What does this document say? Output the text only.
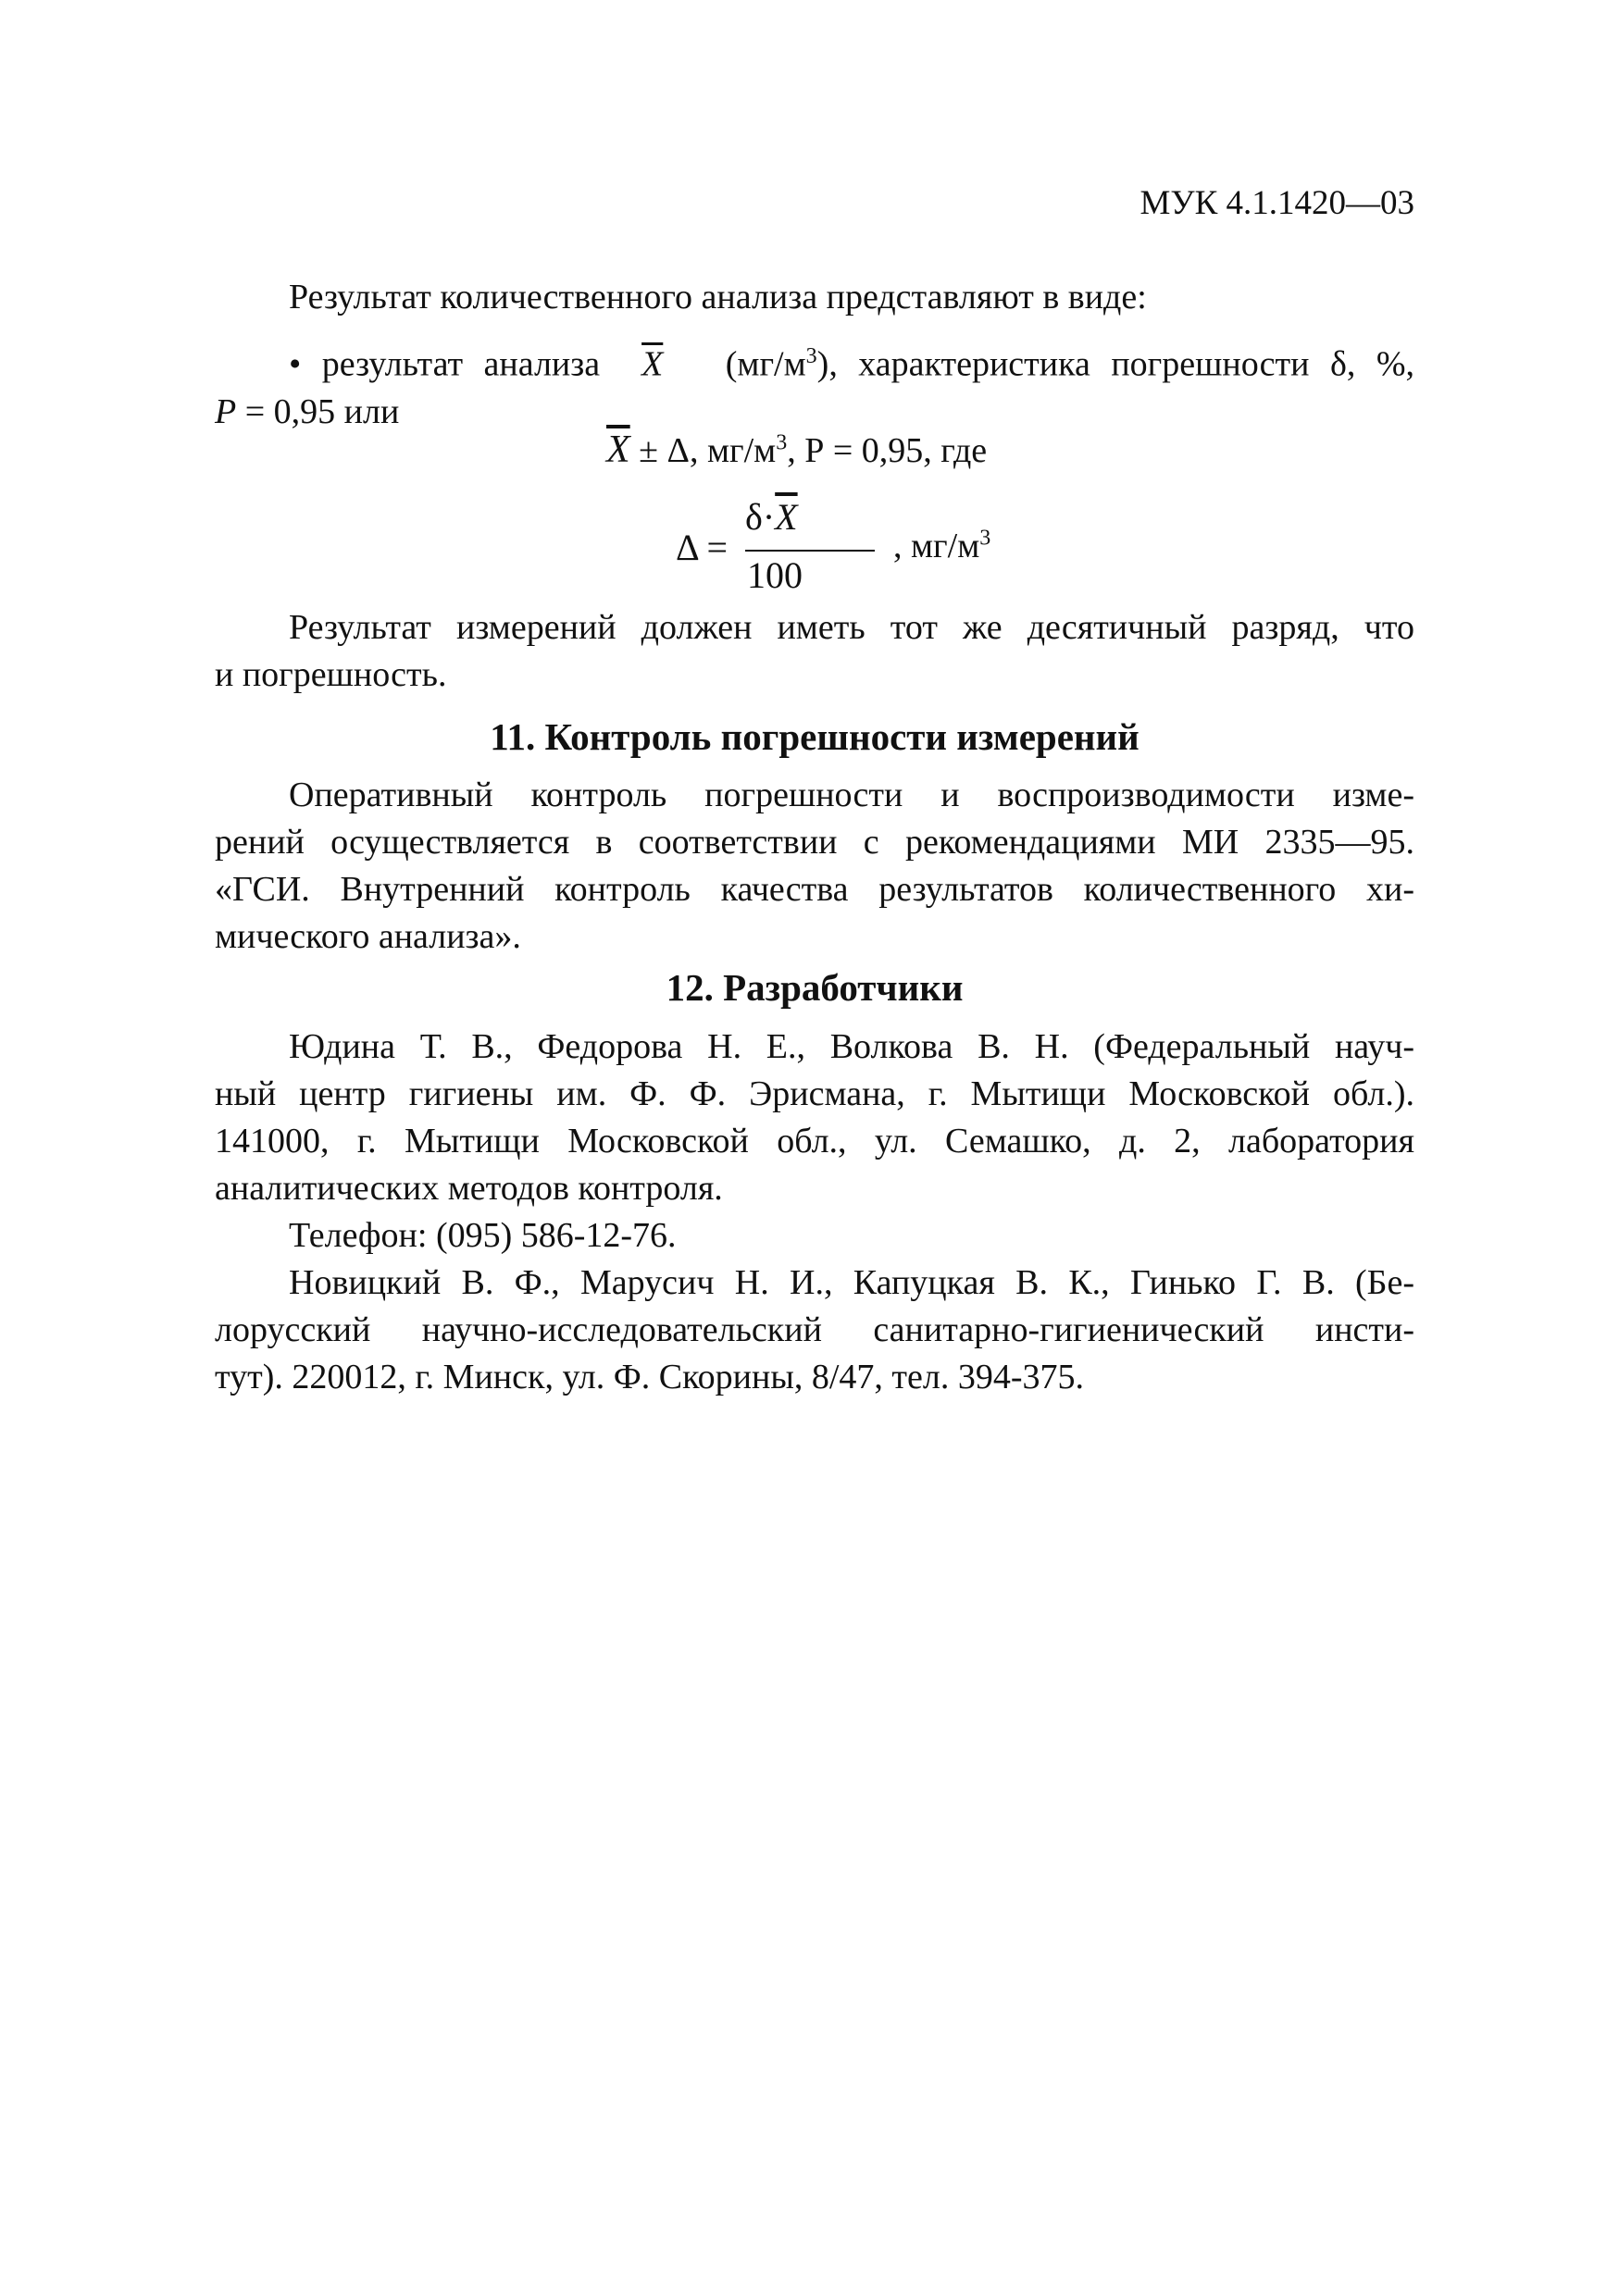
МУК 4.1.1420—03
Результат количественного анализа представляют в виде:
• результат анализа $\overline{X}$ $(мг/м^3)$, характеристика погрешности δ, %,
P = 0,95 или
$\overline{X} \pm \Delta$, $мг/м^3$, Р = 0,95, где
Δ =
$\delta\cdot\overline{X}$
100
, $мг/м^3$
Результат измерений должен иметь тот же десятичный разряд, что
и погрешность.
11. Контроль погрешности измерений
Оперативный контроль погрешности и воспроизводимости изме-
рений осуществляется в соответствии с рекомендациями МИ 2335—95.
«ГСИ. Внутренний контроль качества результатов количественного хи-
мического анализа».
12. Разработчики
Юдина Т. В., Федорова Н. Е., Волкова В. Н. (Федеральный науч-
ный центр гигиены им. Ф. Ф. Эрисмана, г. Мытищи Московской обл.).
141000, г. Мытищи Московской обл., ул. Семашко, д. 2, лаборатория
аналитических методов контроля.
Телефон: (095) 586-12-76.
Новицкий В. Ф., Марусич Н. И., Капуцкая В. К., Гинько Г. В. (Бе-
лорусский научно-исследовательский санитарно-гигиенический инсти-
тут). 220012, г. Минск, ул. Ф. Скорины, 8/47, тел. 394-375.
